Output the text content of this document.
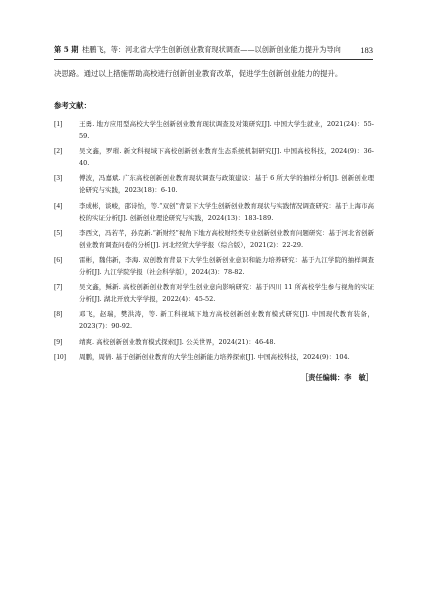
第 5 期 桂鹏飞，等：河北省大学生创新创业教育现状调查——以创新创业能力提升为导向 183
决思路。通过以上措施帮助高校进行创新创业教育改革，促进学生创新创业能力的提升。
参考文献：
[1]	王勇. 地方应用型高校大学生创新创业教育现状调查及对策研究[J]. 中国大学生就业，2021(24)：55-59.
[2]	吴文鑫，罗璀. 新文科视域下高校创新创业教育生态系统机制研究[J]. 中国高校科技，2024(9)：36-40.
[3]	傅波，冯嘉斌. 广东高校创新创业教育现状调查与政策建议：基于 6 所大学的抽样分析[J]. 创新创业理论研究与实践，2023(18)：6-10.
[4]	李成彬，谈峻，邵诗怡，等.“双创”背景下大学生创新创业教育现状与实践情况调查研究：基于上海市高校的实证分析[J]. 创新创业理论研究与实践，2024(13)：183-189.
[5]	李西文，冯若芊，孙克新.“新财经”视角下地方高校财经类专业创新创业教育问题研究：基于河北省创新创业教育调查问卷的分析[J]. 河北经贸大学学报（综合版），2021(2)：22-29.
[6]	雷彬，魏伟新，李海. 双创教育背景下大学生创新创业意识和能力培养研究：基于九江学院的抽样调查分析[J]. 九江学院学报（社会科学版），2024(3)：78-82.
[7]	吴文鑫，稣新. 高校创新创业教育对学生创业意向影响研究：基于四川 11 所高校学生参与视角的实证分析[J]. 湖北开放大学学报，2022(4)：45-52.
[8]	邓飞，赵瑞，樊洪涛，等. 新工科视域下地方高校创新创业教育模式研究[J]. 中国现代教育装备，2023(7)：90-92.
[9]	靖爽. 高校创新创业教育模式探索[J]. 公关世界，2024(21)：46-48.
[10] 周鹏，周倩. 基于创新创业教育的大学生创新能力培养探索[J]. 中国高校科技，2024(9)：104.
［责任编辑：李　敏］
